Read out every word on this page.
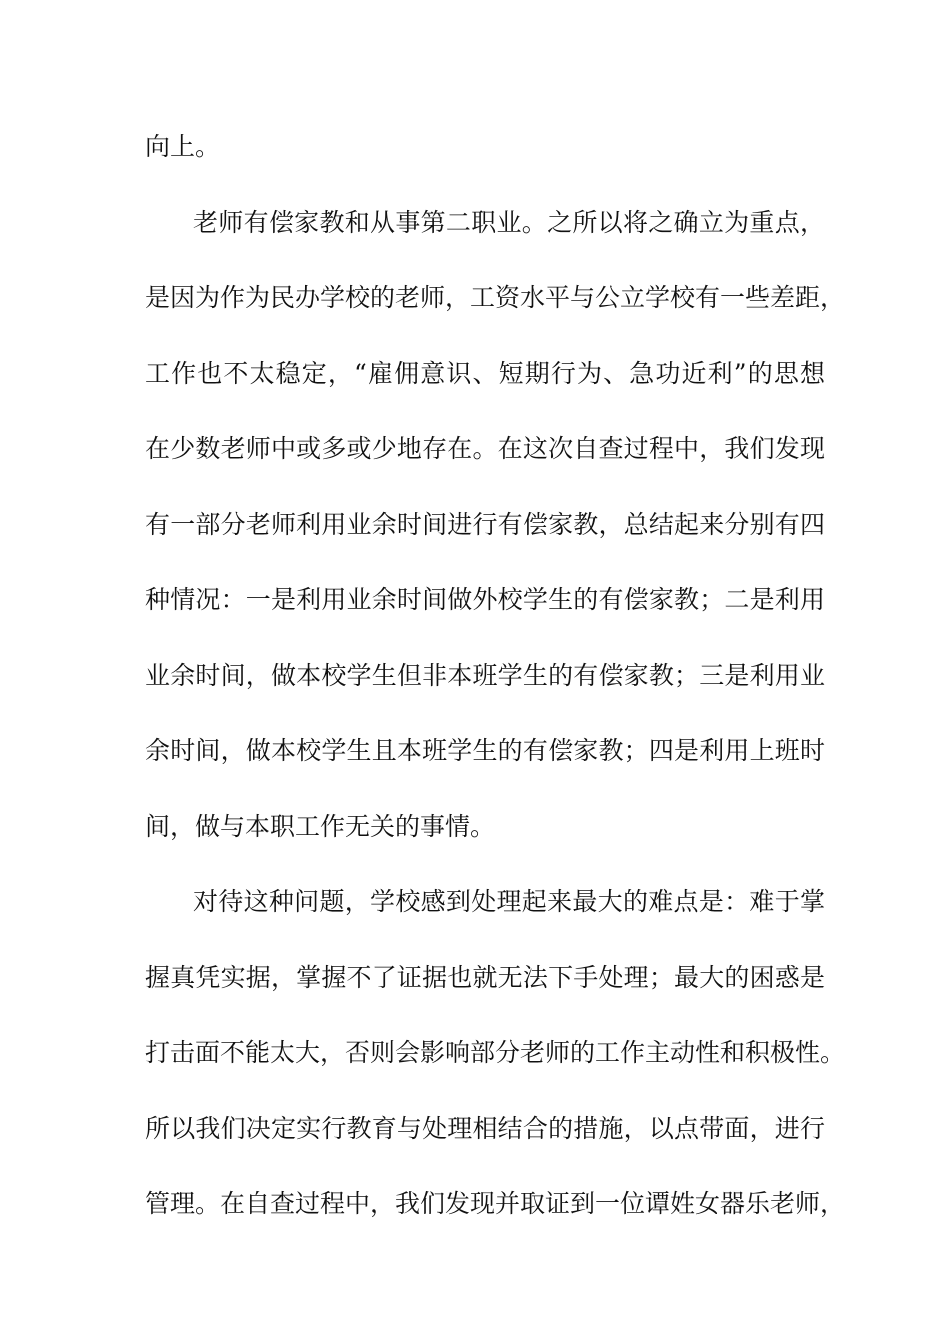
向上。
老师有偿家教和从事第二职业。之所以将之确立为重点，
是因为作为民办学校的老师，工资水平与公立学校有一些差距，
工作也不太稳定，“雇佣意识、短期行为、急功近利”的思想
在少数老师中或多或少地存在。在这次自查过程中，我们发现
有一部分老师利用业余时间进行有偿家教，总结起来分别有四
种情况：一是利用业余时间做外校学生的有偿家教；二是利用
业余时间，做本校学生但非本班学生的有偿家教；三是利用业
余时间，做本校学生且本班学生的有偿家教；四是利用上班时
间，做与本职工作无关的事情。
对待这种问题，学校感到处理起来最大的难点是：难于掌
握真凭实据，掌握不了证据也就无法下手处理；最大的困惑是
打击面不能太大，否则会影响部分老师的工作主动性和积极性。
所以我们决定实行教育与处理相结合的措施，以点带面，进行
管理。在自查过程中，我们发现并取证到一位谭姓女器乐老师，
